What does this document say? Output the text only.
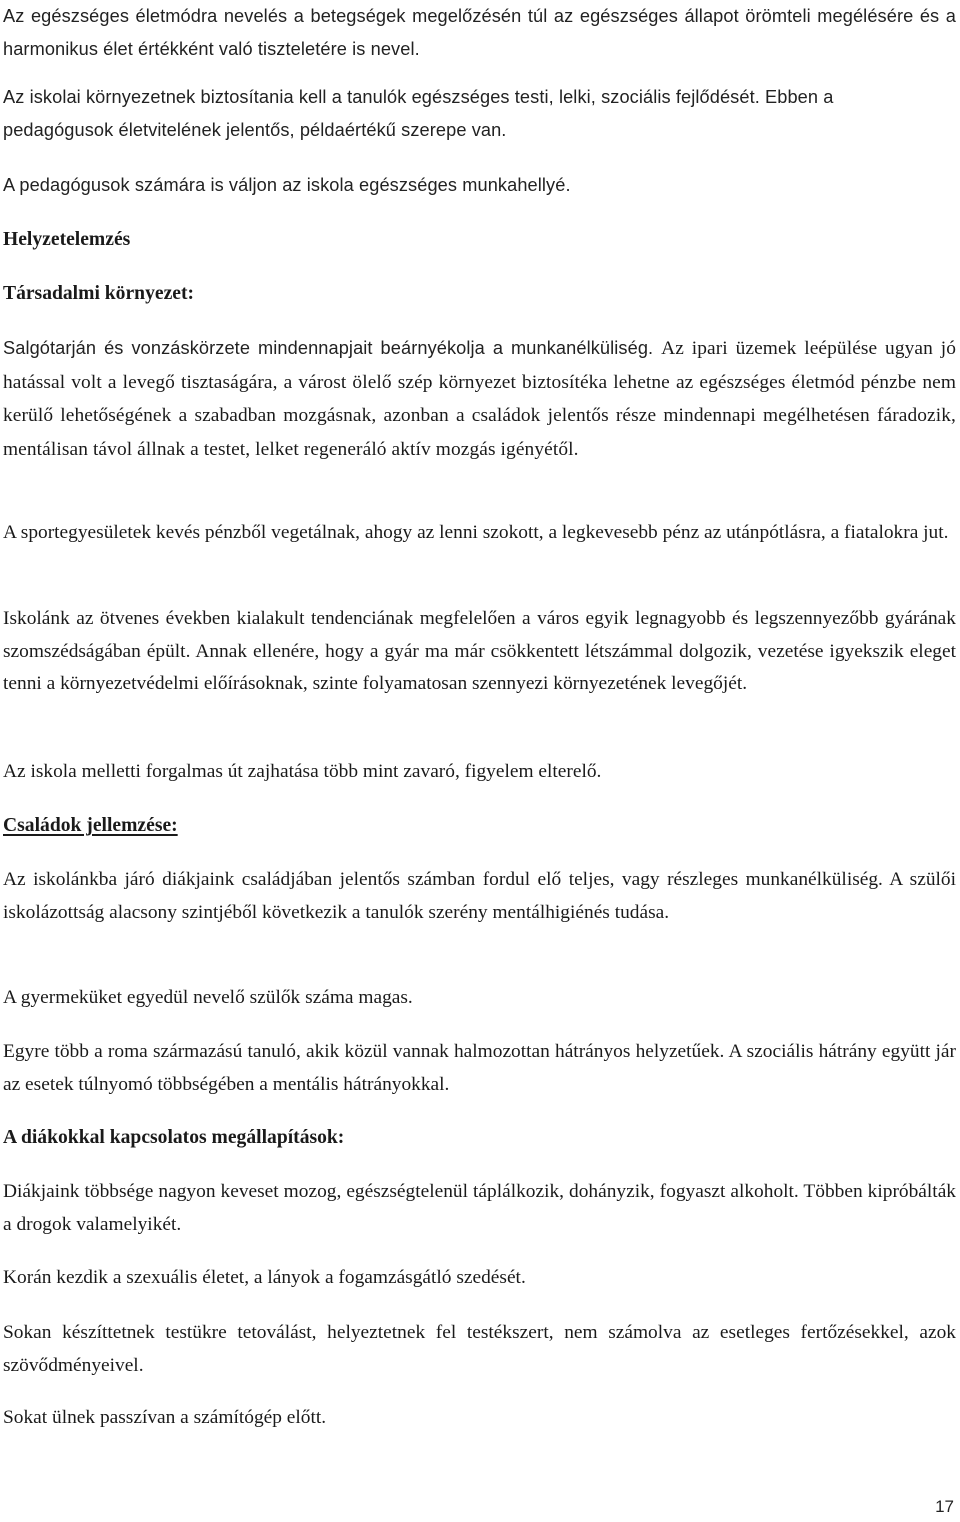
Az egészséges életmódra nevelés a betegségek megelőzésén túl az egészséges állapot örömteli megélésére és a harmonikus élet értékként való tiszteletére is nevel.

Az iskolai környezetnek biztosítania kell a tanulók egészséges testi, lelki, szociális fejlődését. Ebben a pedagógusok életvitelének jelentős, példaértékű szerepe van.

A pedagógusok számára is váljon az iskola egészséges munkahellyé.

Helyzetelemzés

Társadalmi környezet:

Salgótarján és vonzáskörzete mindennapjait beárnyékolja a munkanélküliség. Az ipari üzemek leépülése ugyan jó hatással volt a levegő tisztaságára, a várost ölelő szép környezet biztosítéka lehetne az egészséges életmód pénzbe nem kerülő lehetőségének a szabadban mozgásnak, azonban a családok jelentős része mindennapi megélhetésen fáradozik, mentálisan távol állnak a testet, lelket regeneráló aktív mozgás igényétől.

A sportegyesületek kevés pénzből vegetálnak, ahogy az lenni szokott, a legkevesebb pénz az utánpótlásra, a fiatalokra jut.

Iskolánk az ötvenes években kialakult tendenciának megfelelően a város egyik legnagyobb és legszennyezőbb gyárának szomszédságában épült. Annak ellenére, hogy a gyár ma már csökkentett létszámmal dolgozik, vezetése igyekszik eleget tenni a környezetvédelmi előírásoknak, szinte folyamatosan szennyezi környezetének levegőjét.

Az iskola melletti forgalmas út zajhatása több mint zavaró, figyelem elterelő.

Családok jellemzése:

Az iskolánkba járó diákjaink családjában jelentős számban fordul elő teljes, vagy részleges munkanélküliség. A szülői iskolázottság alacsony szintjéből következik a tanulók szerény mentálhigiénés tudása.

A gyermeküket egyedül nevelő szülők száma magas.

Egyre több a roma származású tanuló, akik közül vannak halmozottan hátrányos helyzetűek. A szociális hátrány együtt jár az esetek túlnyomó többségében a mentális hátrányokkal.

A diákokkal kapcsolatos megállapítások:

Diákjaink többsége nagyon keveset mozog, egészségtelenül táplálkozik, dohányzik, fogyaszt alkoholt. Többen kipróbálták a drogok valamelyikét.

Korán kezdik a szexuális életet, a lányok a fogamzásgátló szedését.

Sokan készíttetnek testükre tetoválást, helyeztetnek fel testékszert, nem számolva az esetleges fertőzésekkel, azok szövődményeivel.

Sokat ülnek passzívan a számítógép előtt.

17
